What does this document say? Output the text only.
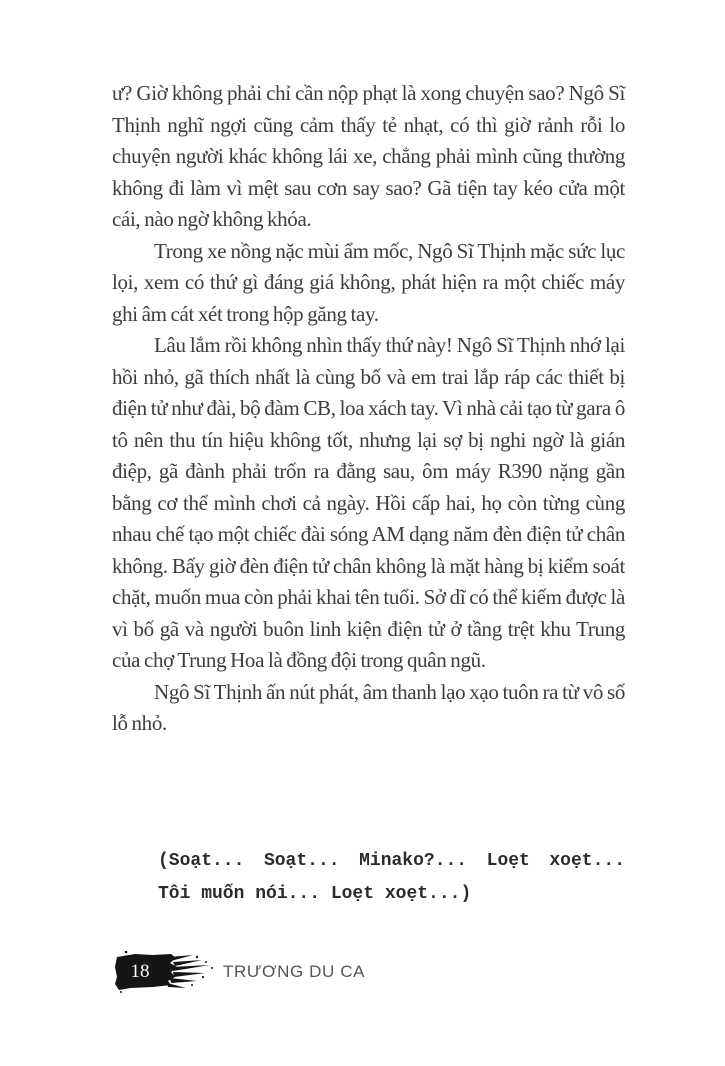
ư? Giờ không phải chỉ cần nộp phạt là xong chuyện sao? Ngô Sĩ Thịnh nghĩ ngợi cũng cảm thấy tẻ nhạt, có thì giờ rảnh rỗi lo chuyện người khác không lái xe, chẳng phải mình cũng thường không đi làm vì mệt sau cơn say sao? Gã tiện tay kéo cửa một cái, nào ngờ không khóa.

Trong xe nồng nặc mùi ẩm mốc, Ngô Sĩ Thịnh mặc sức lục lọi, xem có thứ gì đáng giá không, phát hiện ra một chiếc máy ghi âm cát xét trong hộp găng tay.

Lâu lắm rồi không nhìn thấy thứ này! Ngô Sĩ Thịnh nhớ lại hồi nhỏ, gã thích nhất là cùng bố và em trai lắp ráp các thiết bị điện tử như đài, bộ đàm CB, loa xách tay. Vì nhà cải tạo từ gara ô tô nên thu tín hiệu không tốt, nhưng lại sợ bị nghi ngờ là gián điệp, gã đành phải trốn ra đằng sau, ôm máy R390 nặng gần bằng cơ thể mình chơi cả ngày. Hồi cấp hai, họ còn từng cùng nhau chế tạo một chiếc đài sóng AM dạng năm đèn điện tử chân không. Bấy giờ đèn điện tử chân không là mặt hàng bị kiểm soát chặt, muốn mua còn phải khai tên tuổi. Sở dĩ có thể kiếm được là vì bố gã và người buôn linh kiện điện tử ở tầng trệt khu Trung của chợ Trung Hoa là đồng đội trong quân ngũ.

Ngô Sĩ Thịnh ấn nút phát, âm thanh lạo xạo tuôn ra từ vô số lỗ nhỏ.

(Soạt... Soạt... Minako?... Loẹt xoẹt...
Tôi muốn nói... Loẹt xoẹt...)
18	TRƯƠNG DU CA
